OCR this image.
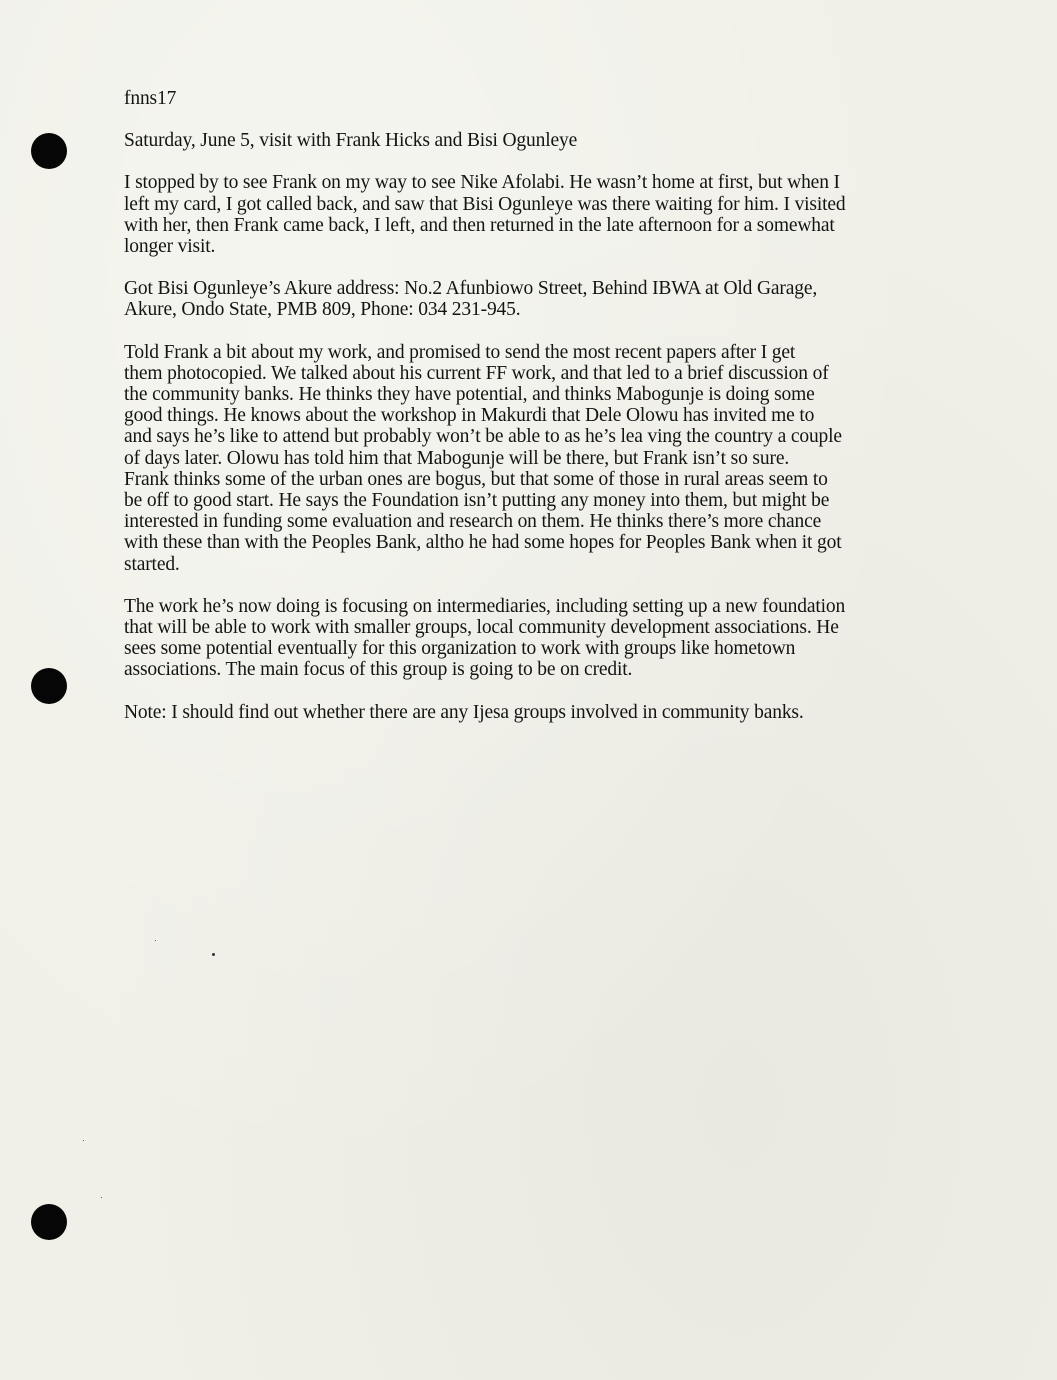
fnns17
Saturday, June 5, visit with Frank Hicks and Bisi Ogunleye
I stopped by to see Frank on my way to see Nike Afolabi. He wasn’t home at first, but when I
left my card, I got called back, and saw that Bisi Ogunleye was there waiting for him. I visited
with her, then Frank came back, I left, and then returned in the late afternoon for a somewhat
longer visit.
Got Bisi Ogunleye’s Akure address: No.2 Afunbiowo Street, Behind IBWA at Old Garage,
Akure, Ondo State, PMB 809, Phone: 034 231-945.
Told Frank a bit about my work, and promised to send the most recent papers after I get
them photocopied. We talked about his current FF work, and that led to a brief discussion of
the community banks. He thinks they have potential, and thinks Mabogunje is doing some
good things. He knows about the workshop in Makurdi that Dele Olowu has invited me to
and says he’s like to attend but probably won’t be able to as he’s lea ving the country a couple
of days later. Olowu has told him that Mabogunje will be there, but Frank isn’t so sure.
Frank thinks some of the urban ones are bogus, but that some of those in rural areas seem to
be off to good start. He says the Foundation isn’t putting any money into them, but might be
interested in funding some evaluation and research on them. He thinks there’s more chance
with these than with the Peoples Bank, altho he had some hopes for Peoples Bank when it got
started.
The work he’s now doing is focusing on intermediaries, including setting up a new foundation
that will be able to work with smaller groups, local community development associations. He
sees some potential eventually for this organization to work with groups like hometown
associations. The main focus of this group is going to be on credit.
Note: I should find out whether there are any Ijesa groups involved in community banks.
